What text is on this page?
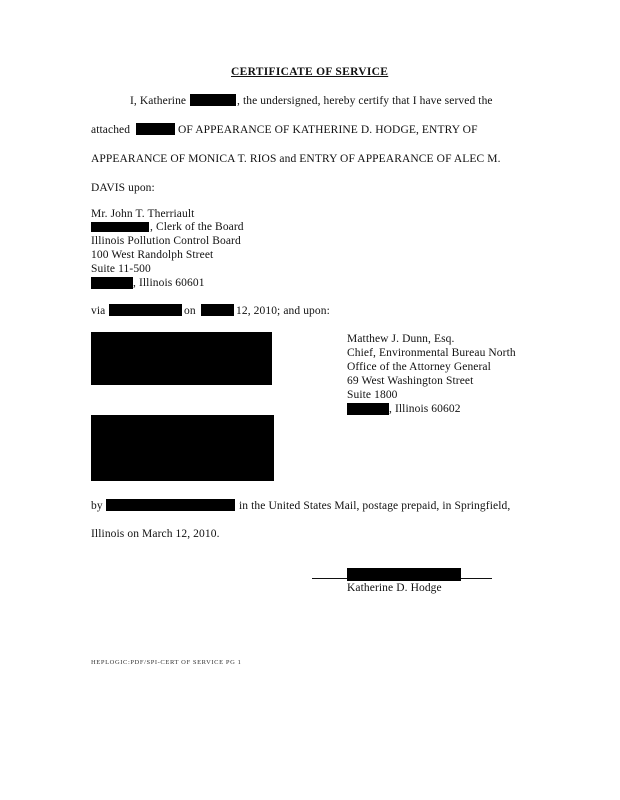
CERTIFICATE OF SERVICE
I, Katherine	, the undersigned, hereby certify that I have served the
attached	OF APPEARANCE OF KATHERINE D. HODGE, ENTRY OF
APPEARANCE OF MONICA T. RIOS and ENTRY OF APPEARANCE OF ALEC M.
DAVIS upon:
Mr. John T. Therriault
, Clerk of the Board
Illinois Pollution Control Board
100 West Randolph Street
Suite 11-500
, Illinois 60601
via	on	12, 2010; and upon:
Matthew J. Dunn, Esq.
Chief, Environmental Bureau North
Office of the Attorney General
69 West Washington Street
Suite 1800
, Illinois 60602
by	in the United States Mail, postage prepaid, in Springfield,
Illinois on March 12, 2010.
Katherine D. Hodge
HEPLOGIC:PDF/SPI-CERT OF SERVICE PG 1
